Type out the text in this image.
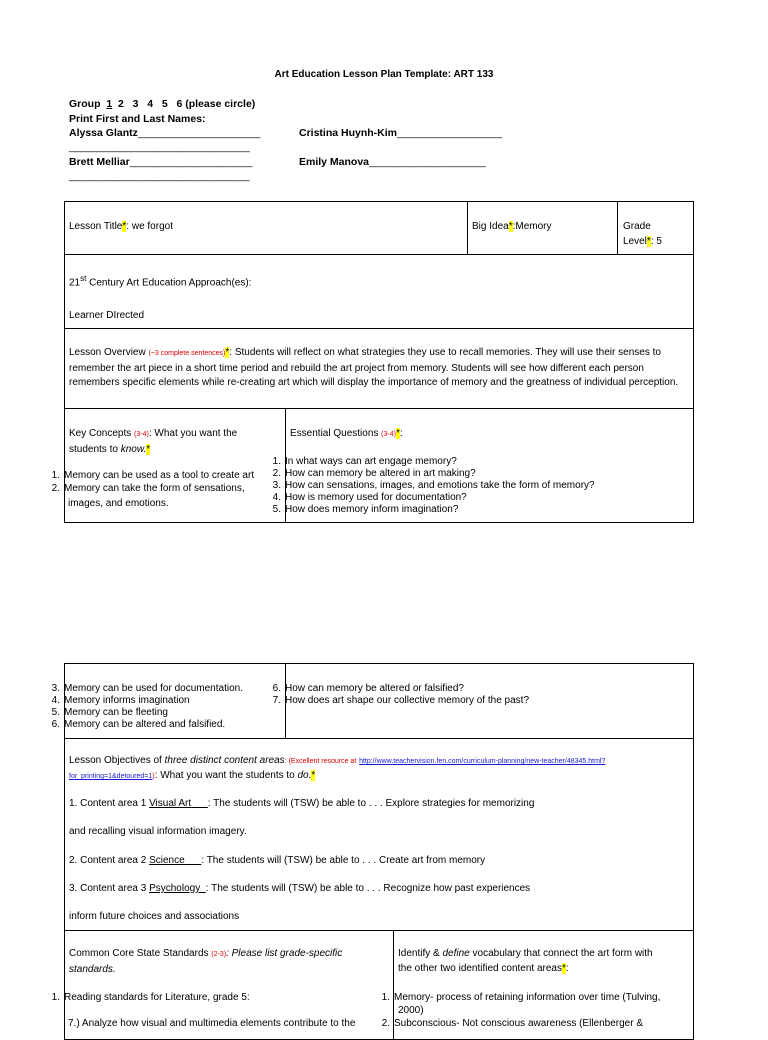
Art Education Lesson Plan Template: ART 133
Group 1 2 3 4 5 6 (please circle)
Print First and Last Names:
Alyssa Glantz_____________________
________________________________
Cristina Huynh-Kim__________________
Brett Melliar_____________________
________________________________
Emily Manova____________________
Lesson Title*: we forgot	Big Idea*:Memory	Grade
Level*: 5
21st Century Art Education Approach(es):
Learner DIrected
Lesson Overview (~3 complete sentences)*: Students will reflect on what strategies they use to recall memories. They will use their senses to remember the art piece in a short time period and rebuild the art project from memory. Students will see how different each person remembers specific elements while re-creating art which will display the importance of memory and the greatness of individual perception.
Key Concepts (3-4): What you want the
students to know.*
Essential Questions (3-4)*:
1. Memory can be used as a tool to create art
2. Memory can take the form of sensations,
images, and emotions.
1. In what ways can art engage memory?
2. How can memory be altered in art making?
3. How can sensations, images, and emotions take the form of memory?
4. How is memory used for documentation?
5. How does memory inform imagination?
3. Memory can be used for documentation.
4. Memory informs imagination
5. Memory can be fleeting
6. Memory can be altered and falsified.
6. How can memory be altered or falsified?
7. How does art shape our collective memory of the past?
Lesson Objectives of three distinct content areas: (Excellent resource at http://www.teachervision.fen.com/curriculum-planning/new-teacher/48345.html?
for_printing=1&detoured=1): What you want the students to do.*
1. Content area 1 Visual Art : The students will (TSW) be able to . . . Explore strategies for memorizing
and recalling visual information imagery.
2. Content area 2 Science : The students will (TSW) be able to . . . Create art from memory
3. Content area 3 Psychology : The students will (TSW) be able to . . . Recognize how past experiences
inform future choices and associations
Common Core State Standards (2-3): Please list grade-specific
standards.
Identify & define vocabulary that connect the art form with
the other two identified content areas*:
1. Reading standards for Literature, grade 5:
7.) Analyze how visual and multimedia elements contribute to the
1. Memory- process of retaining information over time (Tulving,
2000)
2. Subconscious- Not conscious awareness (Ellenberger &
